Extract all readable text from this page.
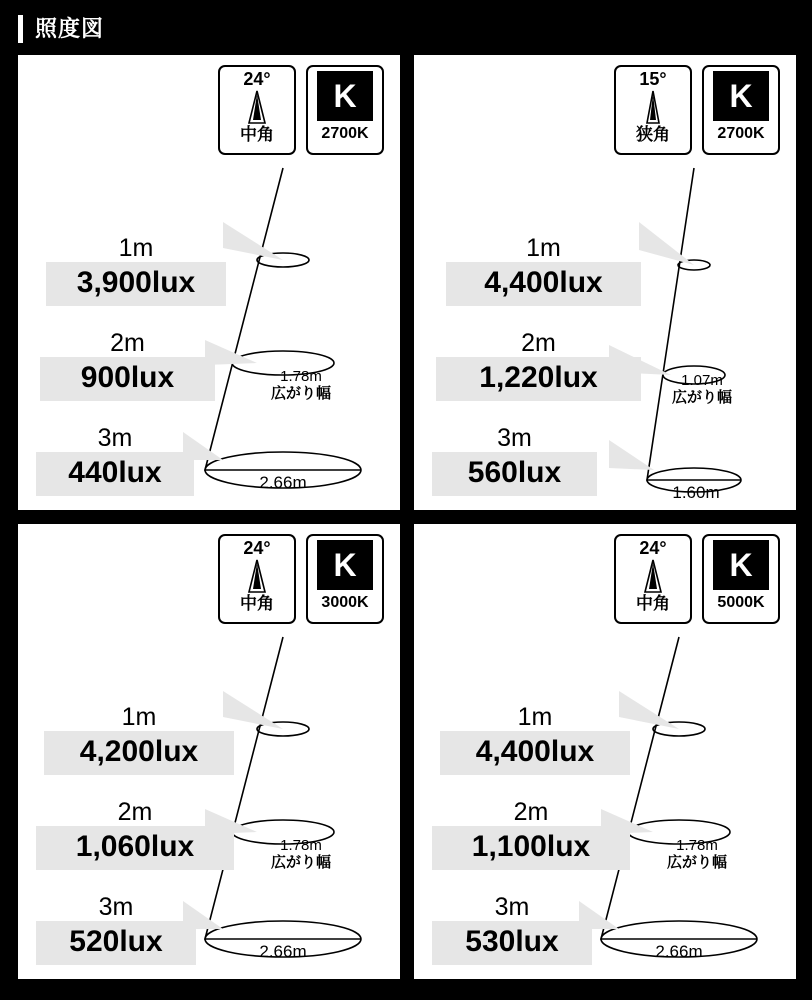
照度図
24°
中角
K
2700K
1m
3,900lux
2m
900lux
3m
440lux
1.78m
広がり幅
2.66m
15°
狭角
K
2700K
1m
4,400lux
2m
1,220lux
3m
560lux
1.07m
広がり幅
1.60m
24°
中角
K
3000K
1m
4,200lux
2m
1,060lux
3m
520lux
1.78m
広がり幅
2.66m
24°
中角
K
5000K
1m
4,400lux
2m
1,100lux
3m
530lux
1.78m
広がり幅
2.66m
